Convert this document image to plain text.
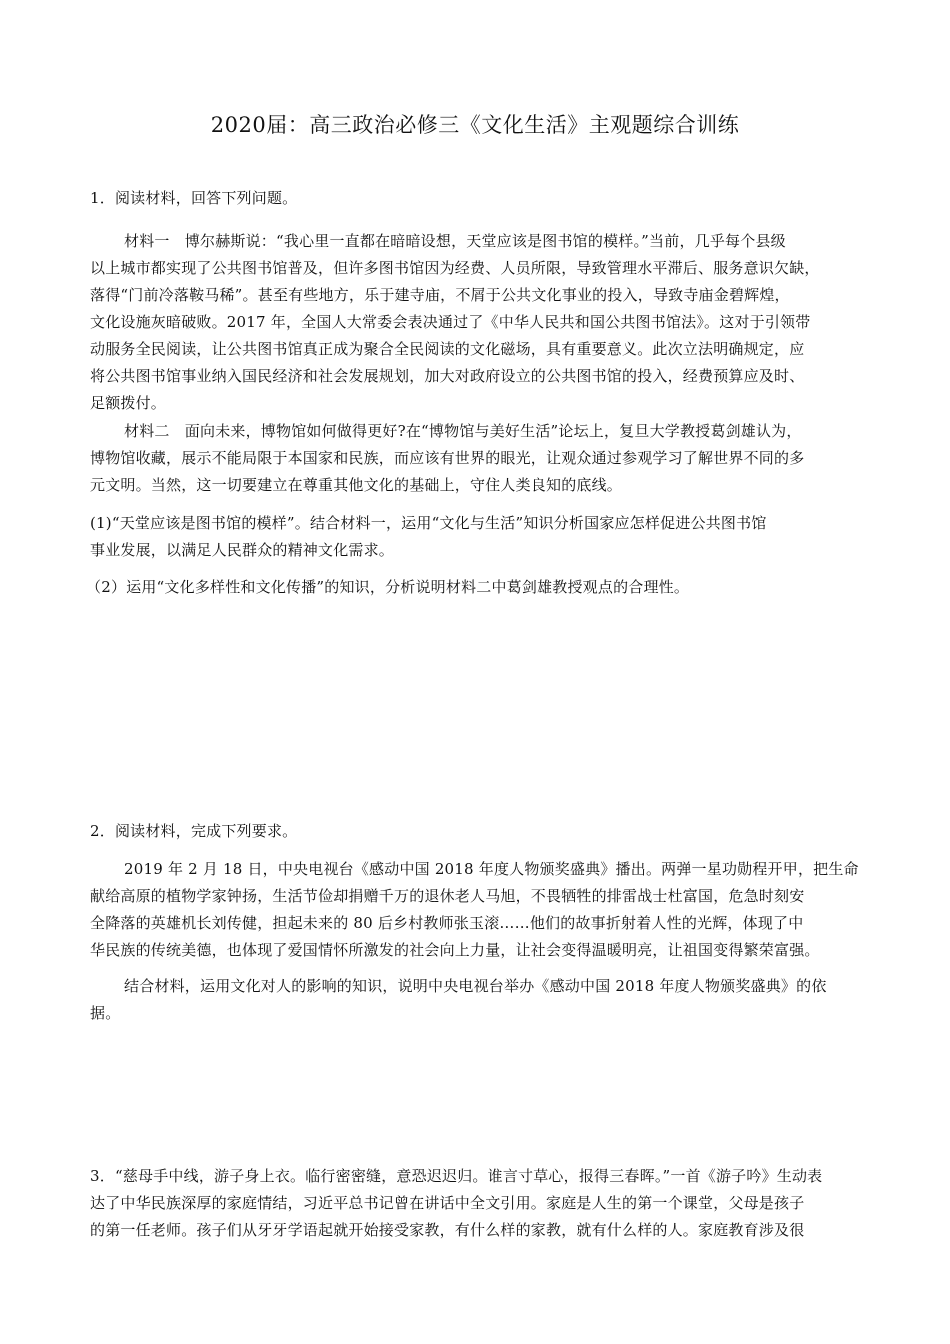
2020届：高三政治必修三《文化生活》主观题综合训练

1．阅读材料，回答下列问题。

材料一　博尔赫斯说：“我心里一直都在暗暗设想，天堂应该是图书馆的模样。”当前，几乎每个县级
以上城市都实现了公共图书馆普及，但许多图书馆因为经费、人员所限，导致管理水平滞后、服务意识欠缺，
落得“门前冷落鞍马稀”。甚至有些地方，乐于建寺庙，不屑于公共文化事业的投入，导致寺庙金碧辉煌，
文化设施灰暗破败。2017 年，全国人大常委会表决通过了《中华人民共和国公共图书馆法》。这对于引领带
动服务全民阅读，让公共图书馆真正成为聚合全民阅读的文化磁场，具有重要意义。此次立法明确规定，应
将公共图书馆事业纳入国民经济和社会发展规划，加大对政府设立的公共图书馆的投入，经费预算应及时、
足额拨付。
材料二　面向未来，博物馆如何做得更好?在“博物馆与美好生活”论坛上，复旦大学教授葛剑雄认为，
博物馆收藏，展示不能局限于本国家和民族，而应该有世界的眼光，让观众通过参观学习了解世界不同的多
元文明。当然，这一切要建立在尊重其他文化的基础上，守住人类良知的底线。
(1)“天堂应该是图书馆的模样”。结合材料一，运用“文化与生活”知识分析国家应怎样促进公共图书馆
事业发展，以满足人民群众的精神文化需求。
（2）运用“文化多样性和文化传播”的知识，分析说明材料二中葛剑雄教授观点的合理性。

2．阅读材料，完成下列要求。

2019 年 2 月 18 日，中央电视台《感动中国 2018 年度人物颁奖盛典》播出。两弹一星功勋程开甲，把生命
献给高原的植物学家钟扬，生活节俭却捐赠千万的退休老人马旭，不畏牺牲的排雷战士杜富国，危急时刻安
全降落的英雄机长刘传健，担起未来的 80 后乡村教师张玉滚……他们的故事折射着人性的光辉，体现了中
华民族的传统美德，也体现了爱国情怀所激发的社会向上力量，让社会变得温暖明亮，让祖国变得繁荣富强。
结合材料，运用文化对人的影响的知识，说明中央电视台举办《感动中国 2018 年度人物颁奖盛典》的依
据。
3．“慈母手中线，游子身上衣。临行密密缝，意恐迟迟归。谁言寸草心，报得三春晖。”一首《游子吟》生动表
达了中华民族深厚的家庭情结，习近平总书记曾在讲话中全文引用。家庭是人生的第一个课堂，父母是孩子
的第一任老师。孩子们从牙牙学语起就开始接受家教，有什么样的家教，就有什么样的人。家庭教育涉及很
